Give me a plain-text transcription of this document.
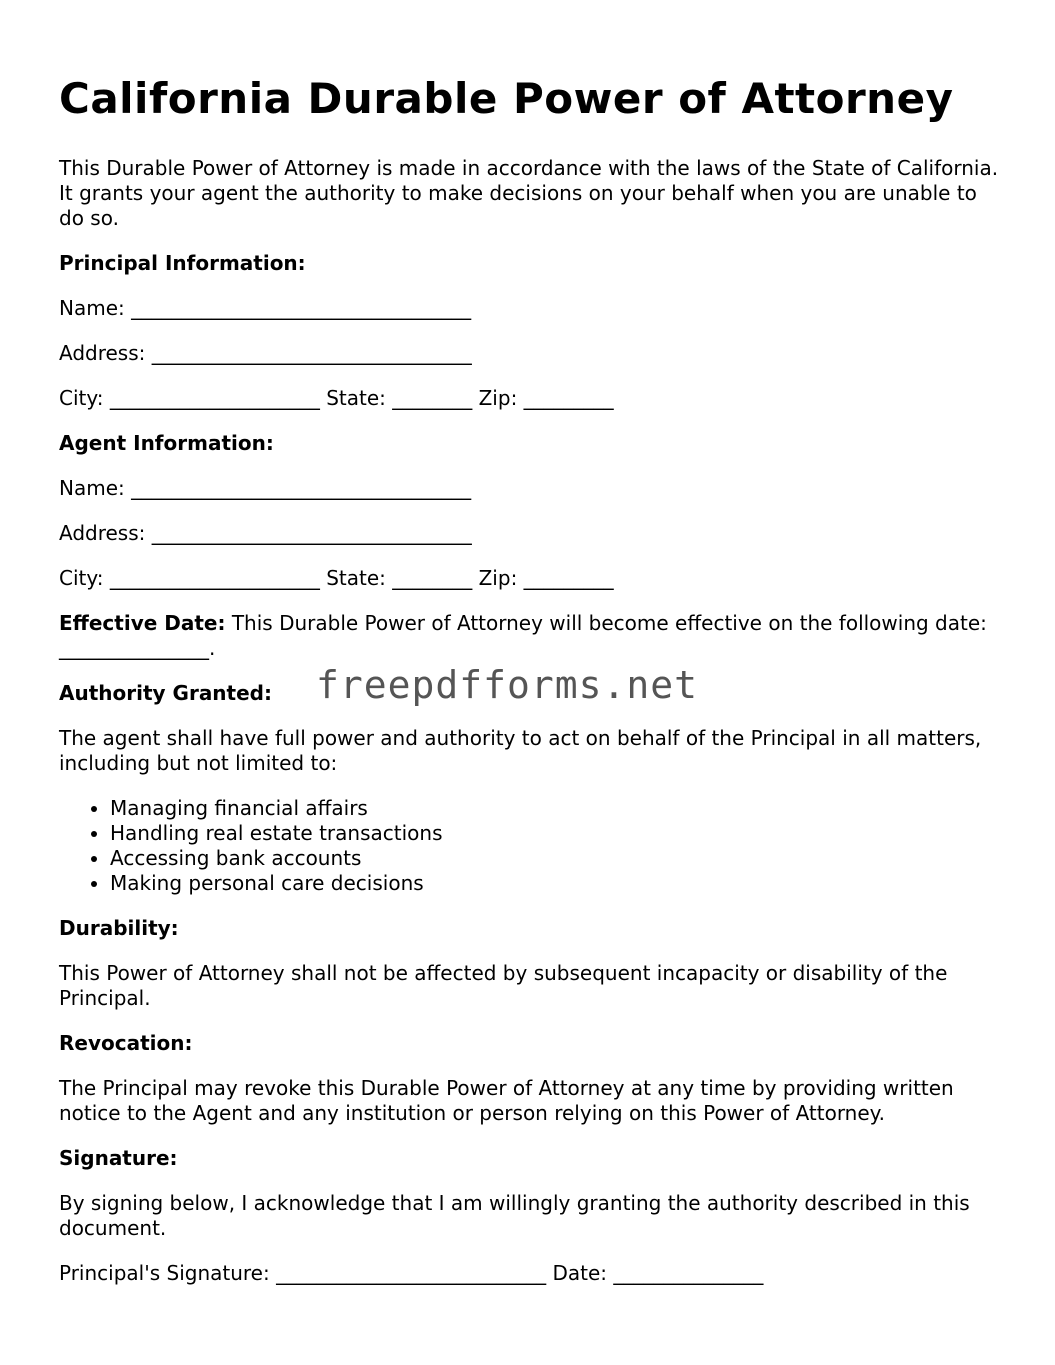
California Durable Power of Attorney

This Durable Power of Attorney is made in accordance with the laws of the State of California. It grants your agent the authority to make decisions on your behalf when you are unable to do so.

Principal Information:

Name: __________________________________
Address: ________________________________
City: _____________________ State: ________ Zip: _________

Agent Information:

Name: __________________________________
Address: ________________________________
City: _____________________ State: ________ Zip: _________

Effective Date: This Durable Power of Attorney will become effective on the following date: _______________.

Authority Granted:

The agent shall have full power and authority to act on behalf of the Principal in all matters, including but not limited to:

• Managing financial affairs
• Handling real estate transactions
• Accessing bank accounts
• Making personal care decisions

Durability:

This Power of Attorney shall not be affected by subsequent incapacity or disability of the Principal.

Revocation:

The Principal may revoke this Durable Power of Attorney at any time by providing written notice to the Agent and any institution or person relying on this Power of Attorney.

Signature:

By signing below, I acknowledge that I am willingly granting the authority described in this document.

Principal's Signature: ___________________________ Date: _______________
freepdfforms.net
